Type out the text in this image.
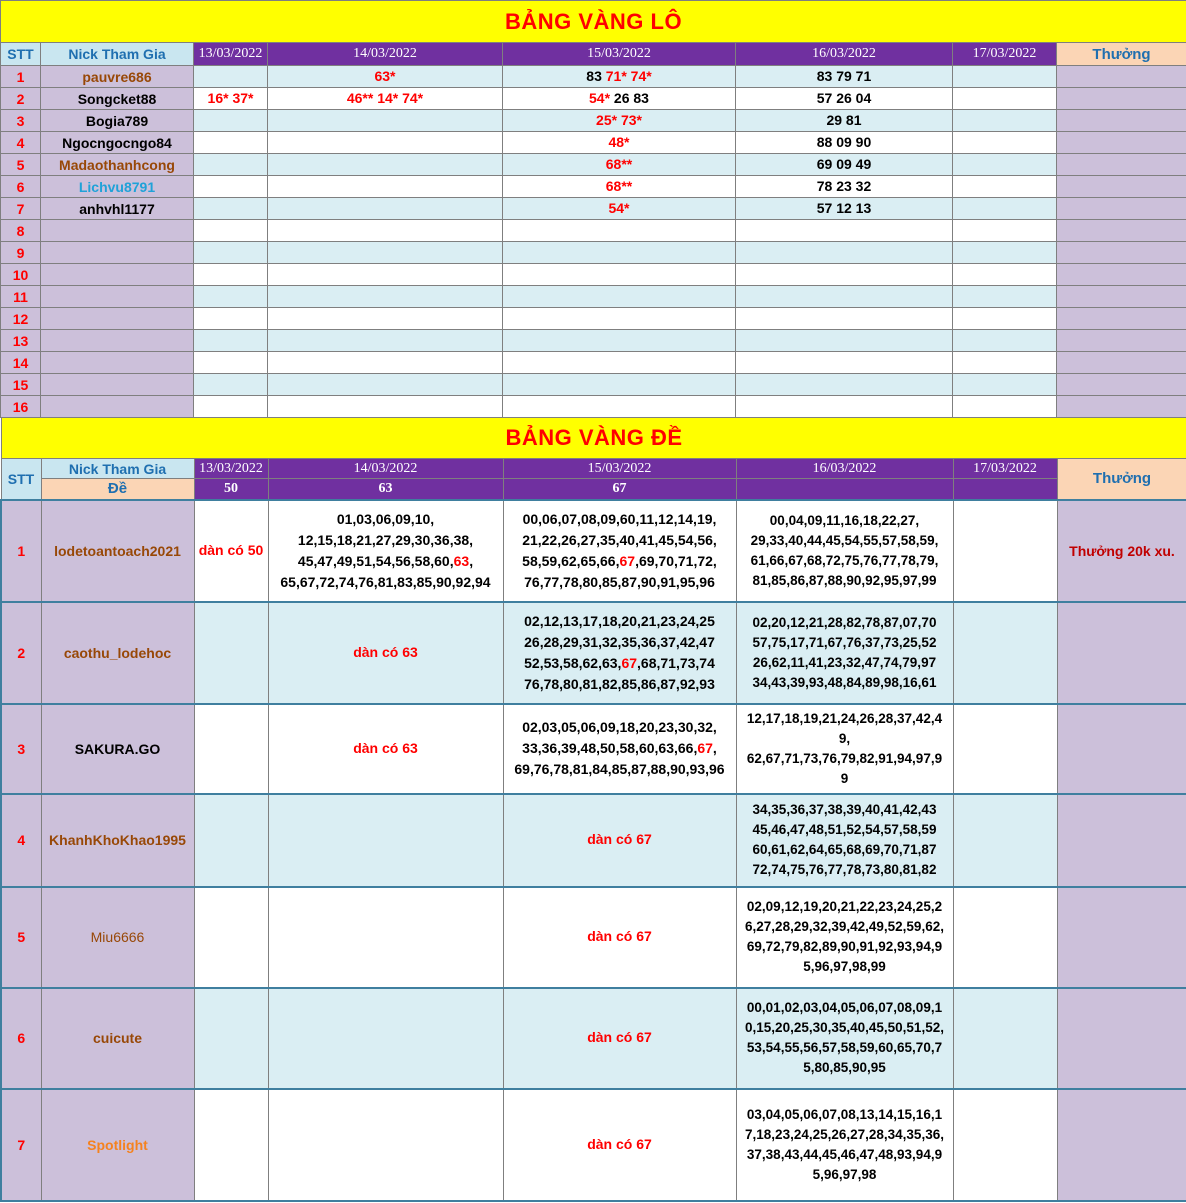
BẢNG VÀNG LÔ							
STT	Nick Tham Gia	13/03/2022	14/03/2022	15/03/2022	16/03/2022	17/03/2022	Thưởng
1	pauvre686		63*	83 71* 74*	83 79 71		
2	Songcket88	16* 37*	46** 14* 74*	54* 26 83	57 26 04		
3	Bogia789			25* 73*	29 81		
4	Ngocngocngo84			48*	88 09 90		
5	Madaothanhcong			68**	69 09 49		
6	Lichvu8791			68**	78 23 32		
7	anhvhl1177			54*	57 12 13		
8							
9							
10							
11							
12							
13							
14							
15							
16							
BẢNG VÀNG ĐỀ							
STT	Nick Tham Gia	13/03/2022	14/03/2022	15/03/2022	16/03/2022	17/03/2022	Thưởng
	Đề	50	63	67			
1	lodetoantoach2021	dàn có 50	01,03,06,09,10,
12,15,18,21,27,29,30,36,38,
45,47,49,51,54,56,58,60,63,
65,67,72,74,76,81,83,85,90,92,94	00,06,07,08,09,60,11,12,14,19,
21,22,26,27,35,40,41,45,54,56,
58,59,62,65,66,67,69,70,71,72,
76,77,78,80,85,87,90,91,95,96	00,04,09,11,16,18,22,27,
29,33,40,44,45,54,55,57,58,59,
61,66,67,68,72,75,76,77,78,79,
81,85,86,87,88,90,92,95,97,99		Thưởng 20k xu.
2	caothu_lodehoc		dàn có 63	02,12,13,17,18,20,21,23,24,25
26,28,29,31,32,35,36,37,42,47
52,53,58,62,63,67,68,71,73,74
76,78,80,81,82,85,86,87,92,93	02,20,12,21,28,82,78,87,07,70
57,75,17,71,67,76,37,73,25,52
26,62,11,41,23,32,47,74,79,97
34,43,39,93,48,84,89,98,16,61		
3	SAKURA.GO		dàn có 63	02,03,05,06,09,18,20,23,30,32,
33,36,39,48,50,58,60,63,66,67,
69,76,78,81,84,85,87,88,90,93,96	12,17,18,19,21,24,26,28,37,42,4
9,
62,67,71,73,76,79,82,91,94,97,9
9		
4	KhanhKhoKhao1995			dàn có 67	34,35,36,37,38,39,40,41,42,43
45,46,47,48,51,52,54,57,58,59
60,61,62,64,65,68,69,70,71,87
72,74,75,76,77,78,73,80,81,82		
5	Miu6666			dàn có 67	02,09,12,19,20,21,22,23,24,25,2
6,27,28,29,32,39,42,49,52,59,62,
69,72,79,82,89,90,91,92,93,94,9
5,96,97,98,99		
6	cuicute			dàn có 67	00,01,02,03,04,05,06,07,08,09,1
0,15,20,25,30,35,40,45,50,51,52,
53,54,55,56,57,58,59,60,65,70,7
5,80,85,90,95		
7	Spotlight			dàn có 67	03,04,05,06,07,08,13,14,15,16,1
7,18,23,24,25,26,27,28,34,35,36,
37,38,43,44,45,46,47,48,93,94,9
5,96,97,98		
